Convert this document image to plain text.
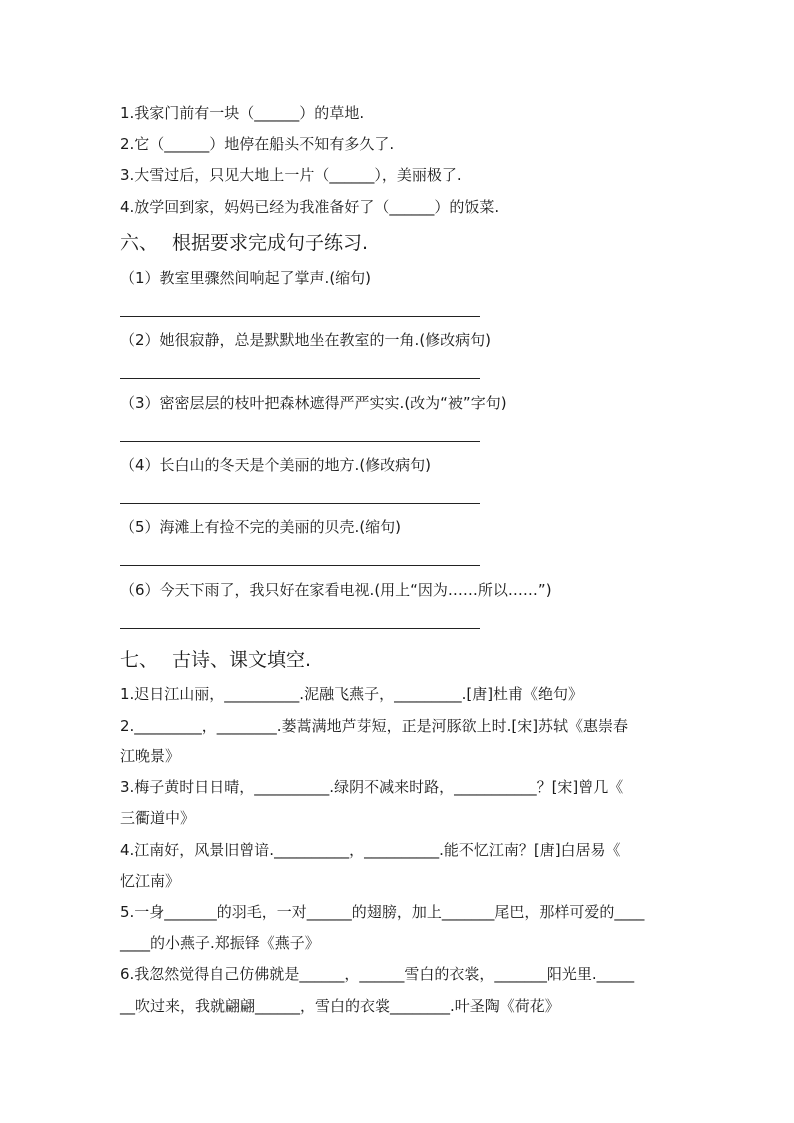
1.我家门前有一块（______）的草地.
2.它（______）地停在船头不知有多久了.
3.大雪过后，只见大地上一片（______），美丽极了.
4.放学回到家，妈妈已经为我准备好了（______）的饭菜.
六、 根据要求完成句子练习.
（1）教室里骤然间响起了掌声.(缩句)
（2）她很寂静，总是默默地坐在教室的一角.(修改病句)
（3）密密层层的枝叶把森林遮得严严实实.(改为“被”字句)
（4）长白山的冬天是个美丽的地方.(修改病句)
（5）海滩上有捡不完的美丽的贝壳.(缩句)
（6）今天下雨了，我只好在家看电视.(用上“因为……所以……”)
七、 古诗、课文填空.
1.迟日江山丽，__________.泥融飞燕子，_________.[唐]杜甫《绝句》
2._________，________.蒌蒿满地芦芽短，正是河豚欲上时.[宋]苏轼《惠崇春
江晚景》
3.梅子黄时日日晴，__________.绿阴不减来时路，___________？[宋]曾几《
三衢道中》
4.江南好，风景旧曾谙.__________，__________.能不忆江南？[唐]白居易《
忆江南》
5.一身_______的羽毛，一对______的翅膀，加上_______尾巴，那样可爱的____
____的小燕子.郑振铎《燕子》
6.我忽然觉得自己仿佛就是______，______雪白的衣裳，_______阳光里._____
__吹过来，我就翩翩______，雪白的衣裳________.叶圣陶《荷花》
